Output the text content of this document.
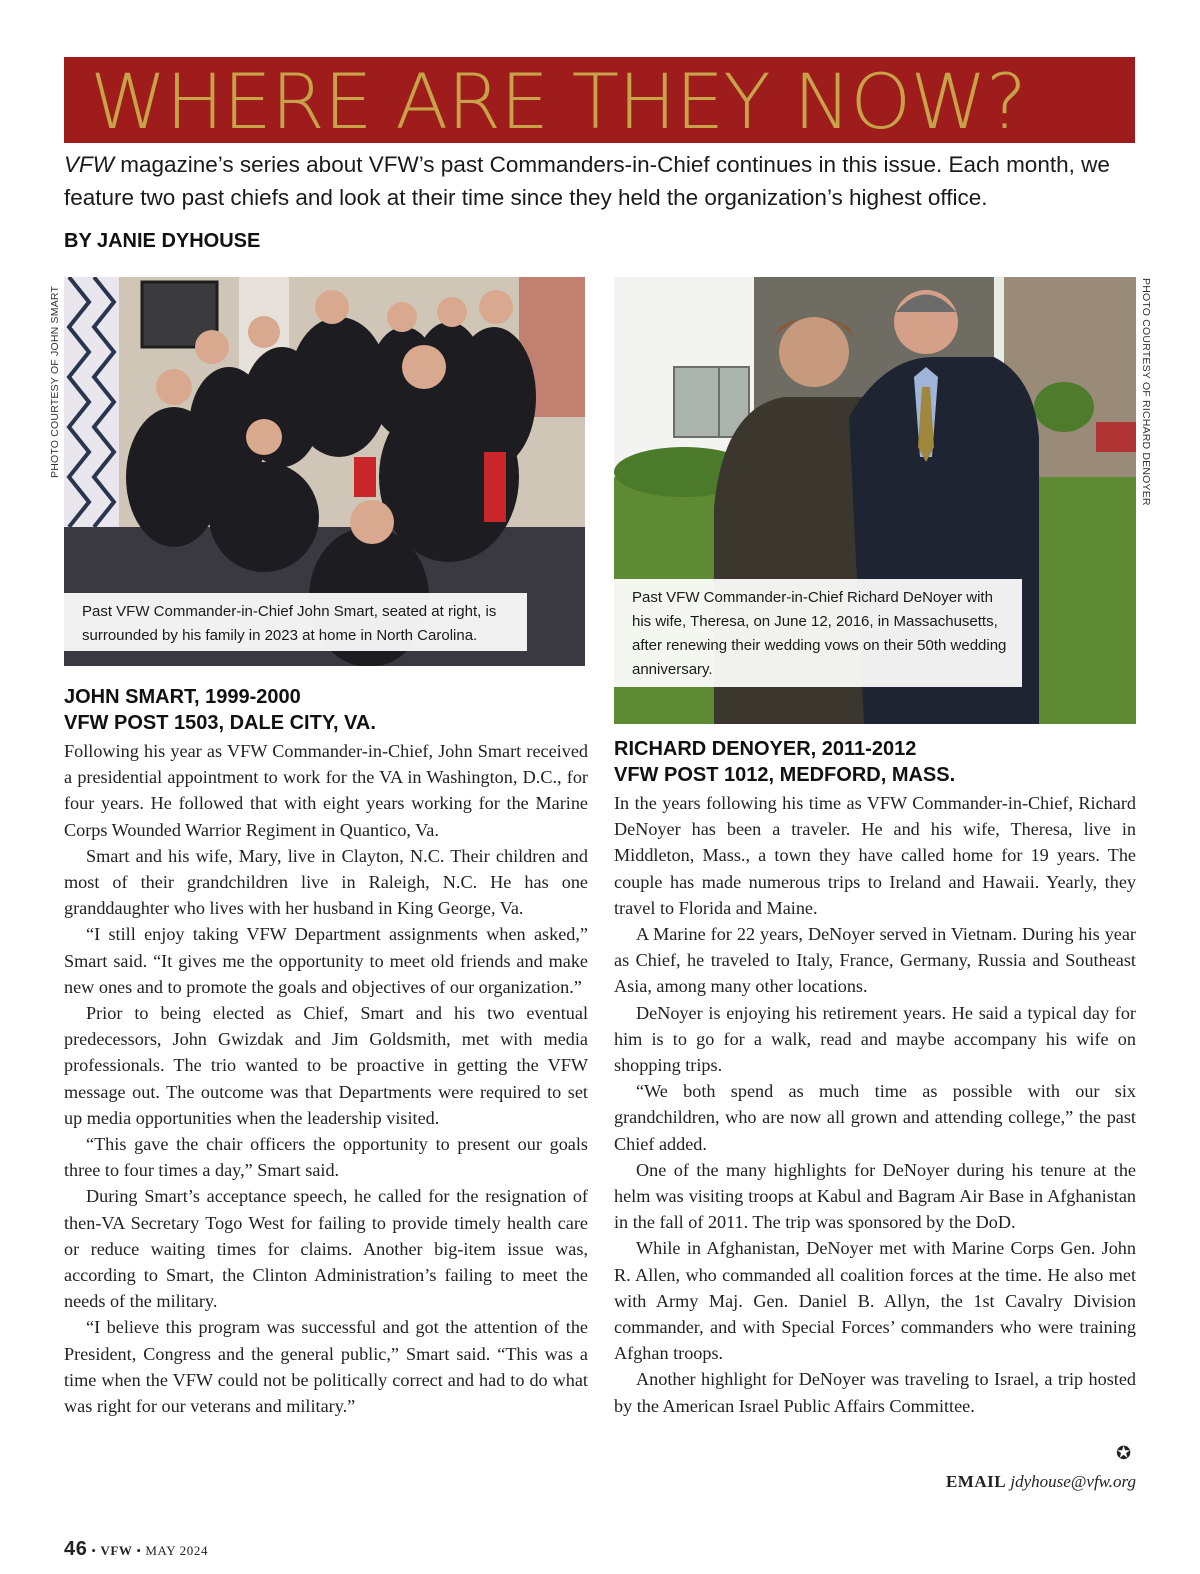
WHERE ARE THEY NOW?

VFW magazine’s series about VFW’s past Commanders-in-Chief continues in this issue. Each month, we feature two past chiefs and look at their time since they held the organization’s highest office.

BY JANIE DYHOUSE

PHOTO COURTESY OF JOHN SMART	PHOTO COURTESY OF RICHARD DENOYER
Past VFW Commander-in-Chief John Smart, seated at right, is surrounded by his family in 2023 at home in North Carolina.
Past VFW Commander-in-Chief Richard DeNoyer with his wife, Theresa, on June 12, 2016, in Massachusetts, after renewing their wedding vows on their 50th wedding anniversary.
JOHN SMART, 1999-2000
VFW POST 1503, DALE CITY, VA.

Following his year as VFW Commander-in-Chief, John Smart received a presidential appointment to work for the VA in Washington, D.C., for four years. He followed that with eight years working for the Marine Corps Wounded Warrior Regiment in Quantico, Va.

Smart and his wife, Mary, live in Clayton, N.C. Their children and most of their grandchildren live in Raleigh, N.C. He has one granddaughter who lives with her husband in King George, Va.

“I still enjoy taking VFW Department assignments when asked,” Smart said. “It gives me the opportunity to meet old friends and make new ones and to promote the goals and objectives of our organization.”

Prior to being elected as Chief, Smart and his two eventual predecessors, John Gwizdak and Jim Goldsmith, met with media professionals. The trio wanted to be proactive in getting the VFW message out. The outcome was that Departments were required to set up media opportunities when the leadership visited.

“This gave the chair officers the opportunity to present our goals three to four times a day,” Smart said.

During Smart’s acceptance speech, he called for the resignation of then-VA Secretary Togo West for failing to provide timely health care or reduce waiting times for claims. Another big-item issue was, according to Smart, the Clinton Administration’s failing to meet the needs of the military.

“I believe this program was successful and got the attention of the President, Congress and the general public,” Smart said. “This was a time when the VFW could not be politically correct and had to do what was right for our veterans and military.”

RICHARD DENOYER, 2011-2012
VFW POST 1012, MEDFORD, MASS.

In the years following his time as VFW Commander-in-Chief, Richard DeNoyer has been a traveler. He and his wife, Theresa, live in Middleton, Mass., a town they have called home for 19 years. The couple has made numerous trips to Ireland and Hawaii. Yearly, they travel to Florida and Maine.

A Marine for 22 years, DeNoyer served in Vietnam. During his year as Chief, he traveled to Italy, France, Germany, Russia and Southeast Asia, among many other locations.

DeNoyer is enjoying his retirement years. He said a typical day for him is to go for a walk, read and maybe accompany his wife on shopping trips.

“We both spend as much time as possible with our six grandchildren, who are now all grown and attending college,” the past Chief added.

One of the many highlights for DeNoyer during his tenure at the helm was visiting troops at Kabul and Bagram Air Base in Afghanistan in the fall of 2011. The trip was sponsored by the DoD.

While in Afghanistan, DeNoyer met with Marine Corps Gen. John R. Allen, who commanded all coalition forces at the time. He also met with Army Maj. Gen. Daniel B. Allyn, the 1st Cavalry Division commander, and with Special Forces’ commanders who were training Afghan troops.

Another highlight for DeNoyer was traveling to Israel, a trip hosted by the American Israel Public Affairs Committee.

✪
EMAIL jdyhouse@vfw.org
46 • VFW • MAY 2024
